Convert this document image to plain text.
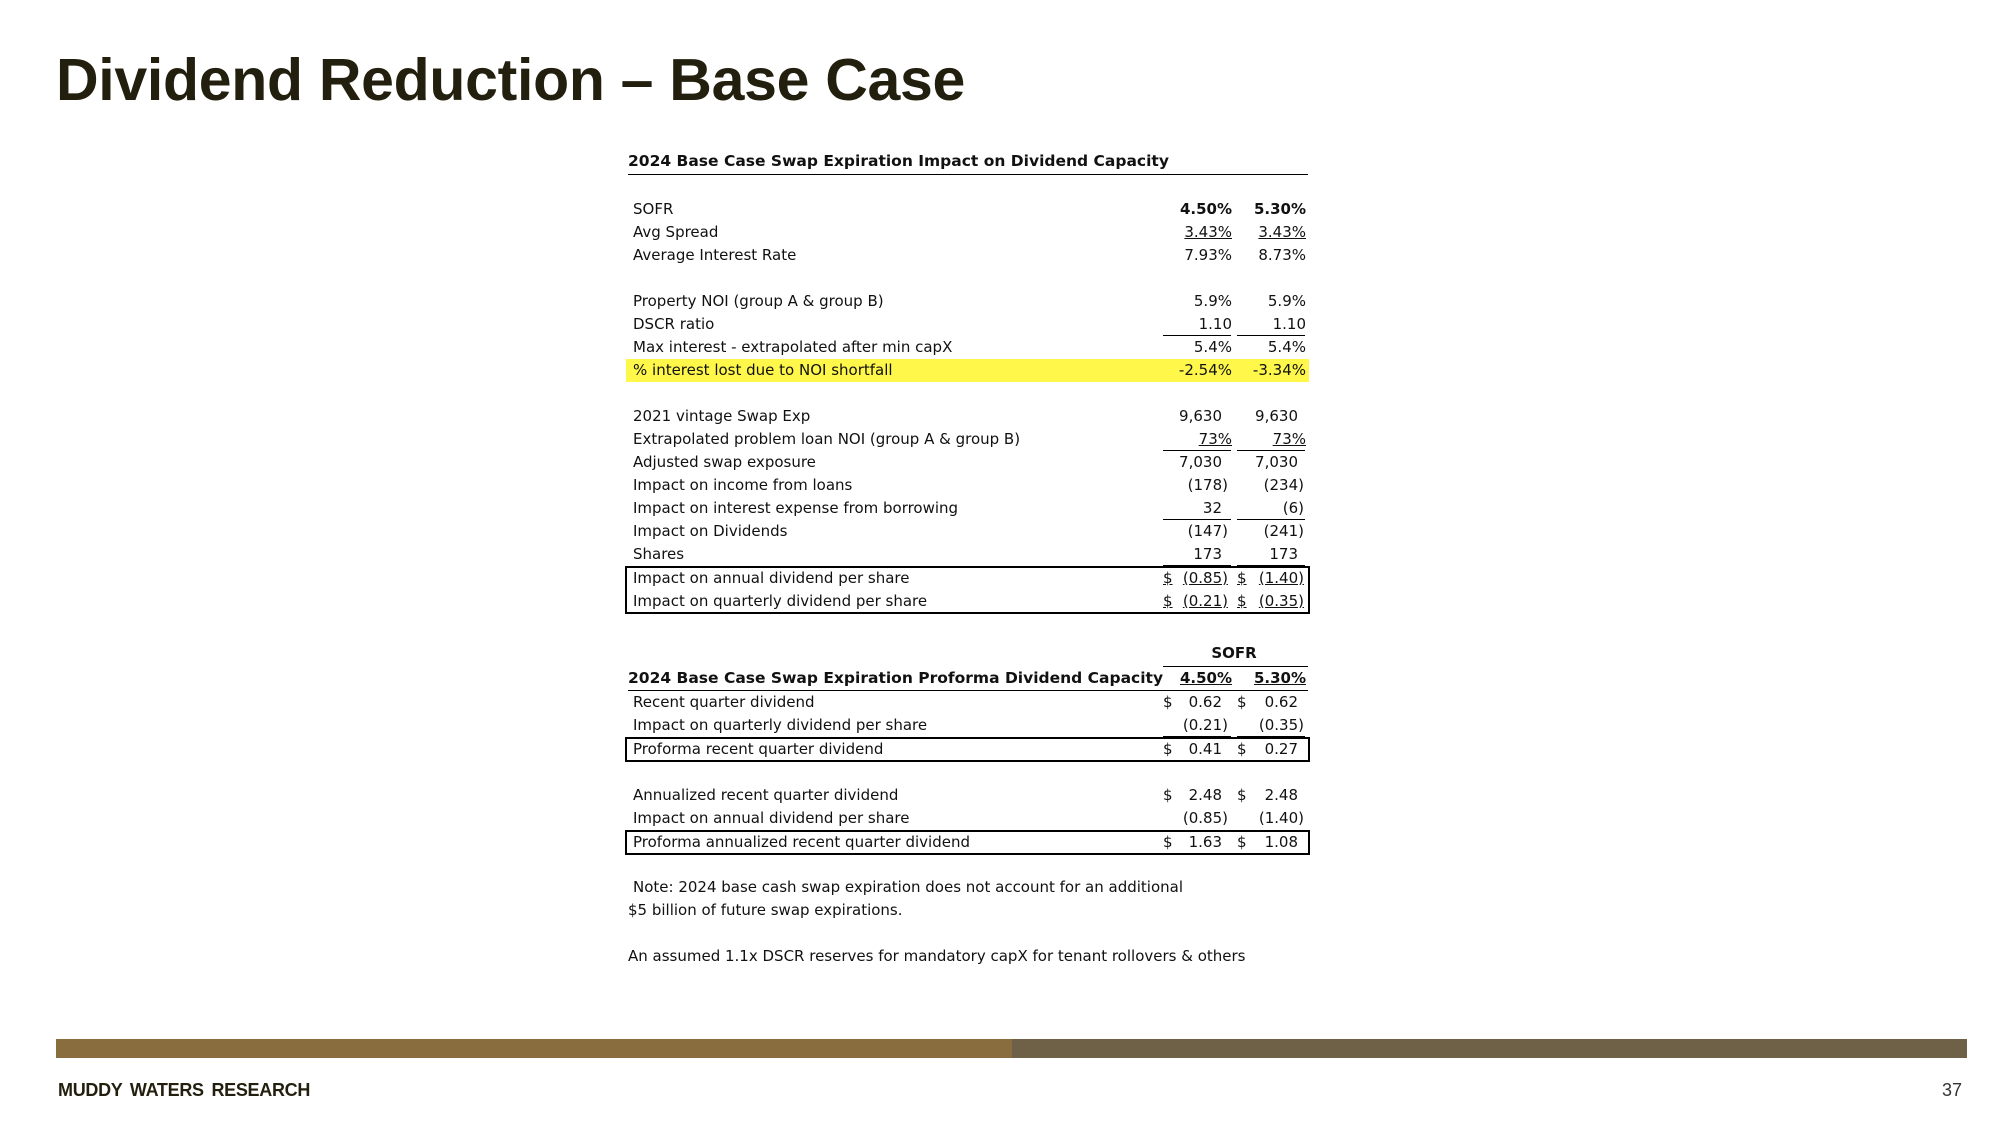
Dividend Reduction – Base Case
2024 Base Case Swap Expiration Impact on Dividend Capacity
SOFR	4.50%	5.30%
Avg Spread	3.43%	3.43%
Average Interest Rate	7.93%	8.73%
Property NOI (group A & group B)	5.9%	5.9%
DSCR ratio	1.10	1.10
Max interest - extrapolated after min capX	5.4%	5.4%
% interest lost due to NOI shortfall	-2.54%	-3.34%
2021 vintage Swap Exp	9,630 9,630
Extrapolated problem loan NOI (group A & group B)	73%	73%
Adjusted swap exposure	7,030 7,030
Impact on income from loans	(178) (234)
Impact on interest expense from borrowing	32	(6)
Impact on Dividends	(147) (241)
Shares	173	173
Impact on annual dividend per share	$ (0.85) $ (1.40)
Impact on quarterly dividend per share	$ (0.21) $ (0.35)
SOFR
2024 Base Case Swap Expiration Proforma Dividend Capacity	4.50%	5.30%
Recent quarter dividend	$ 0.62 $ 0.62
Impact on quarterly dividend per share	(0.21) (0.35)
Proforma recent quarter dividend	$ 0.41 $ 0.27
Annualized recent quarter dividend	$ 2.48 $ 2.48
Impact on annual dividend per share	(0.85) (1.40)
Proforma annualized recent quarter dividend	$ 1.63 $ 1.08
Note: 2024 base cash swap expiration does not account for an additional
$5 billion of future swap expirations.
An assumed 1.1x DSCR reserves for mandatory capX for tenant rollovers & others
MUDDY WATERS RESEARCH	37
